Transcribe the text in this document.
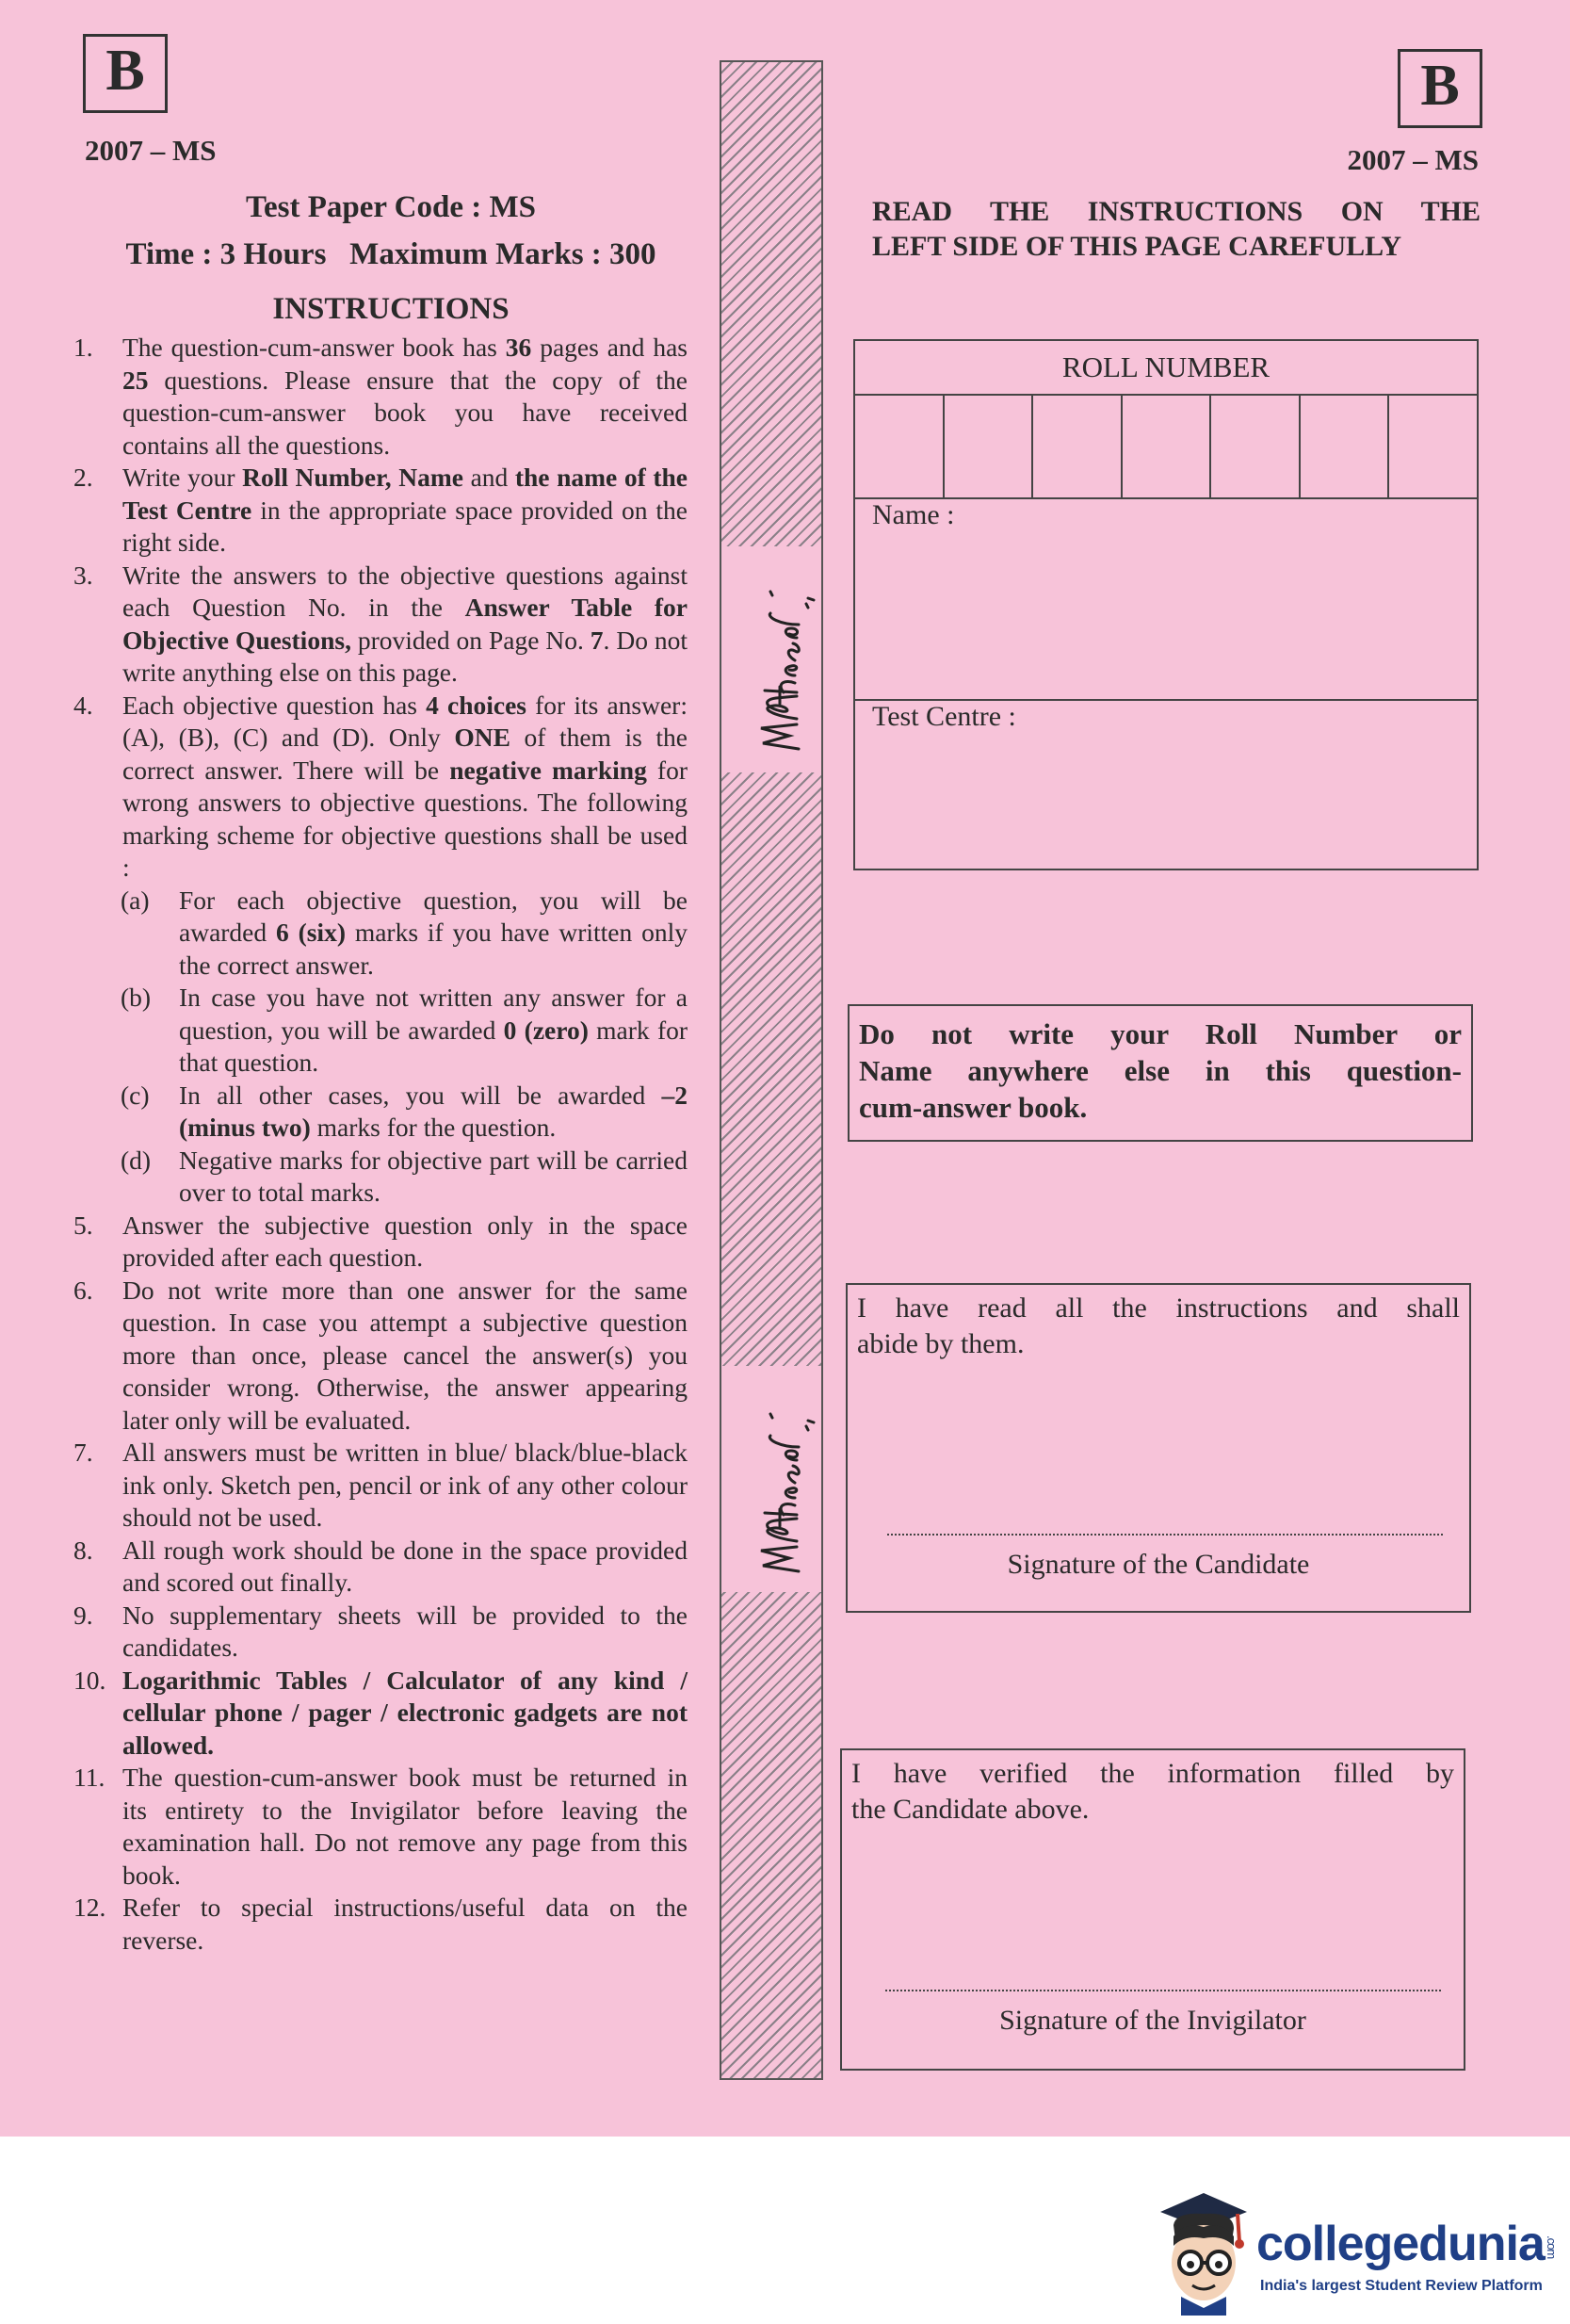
B
2007 – MS
Test Paper Code : MS
Time : 3 Hours Maximum Marks : 300
INSTRUCTIONS
1. The question-cum-answer book has 36 pages and has 25 questions. Please ensure that the copy of the question-cum-answer book you have received contains all the questions.
2. Write your Roll Number, Name and the name of the Test Centre in the appropriate space provided on the right side.
3. Write the answers to the objective questions against each Question No. in the Answer Table for Objective Questions, provided on Page No. 7. Do not write anything else on this page.
4. Each objective question has 4 choices for its answer: (A), (B), (C) and (D). Only ONE of them is the correct answer. There will be negative marking for wrong answers to objective questions. The following marking scheme for objective questions shall be used :
(a) For each objective question, you will be awarded 6 (six) marks if you have written only the correct answer.
(b) In case you have not written any answer for a question, you will be awarded 0 (zero) mark for that question.
(c) In all other cases, you will be awarded –2 (minus two) marks for the question.
(d) Negative marks for objective part will be carried over to total marks.
5. Answer the subjective question only in the space provided after each question.
6. Do not write more than one answer for the same question. In case you attempt a subjective question more than once, please cancel the answer(s) you consider wrong. Otherwise, the answer appearing later only will be evaluated.
7. All answers must be written in blue/ black/blue-black ink only. Sketch pen, pencil or ink of any other colour should not be used.
8. All rough work should be done in the space provided and scored out finally.
9. No supplementary sheets will be provided to the candidates.
10. Logarithmic Tables / Calculator of any kind / cellular phone / pager / electronic gadgets are not allowed.
11. The question-cum-answer book must be returned in its entirety to the Invigilator before leaving the examination hall. Do not remove any page from this book.
12. Refer to special instructions/useful data on the reverse.
B
2007 – MS
READ THE INSTRUCTIONS ON THE
LEFT SIDE OF THIS PAGE CAREFULLY
ROLL NUMBER
Name :
Test Centre :
Do not write your Roll Number or
Name anywhere else in this question-
cum-answer book.
I have read all the instructions and shall
abide by them.
Signature of the Candidate
I have verified the information filled by
the Candidate above.
Signature of the Invigilator
collegedunia.com
India's largest Student Review Platform
